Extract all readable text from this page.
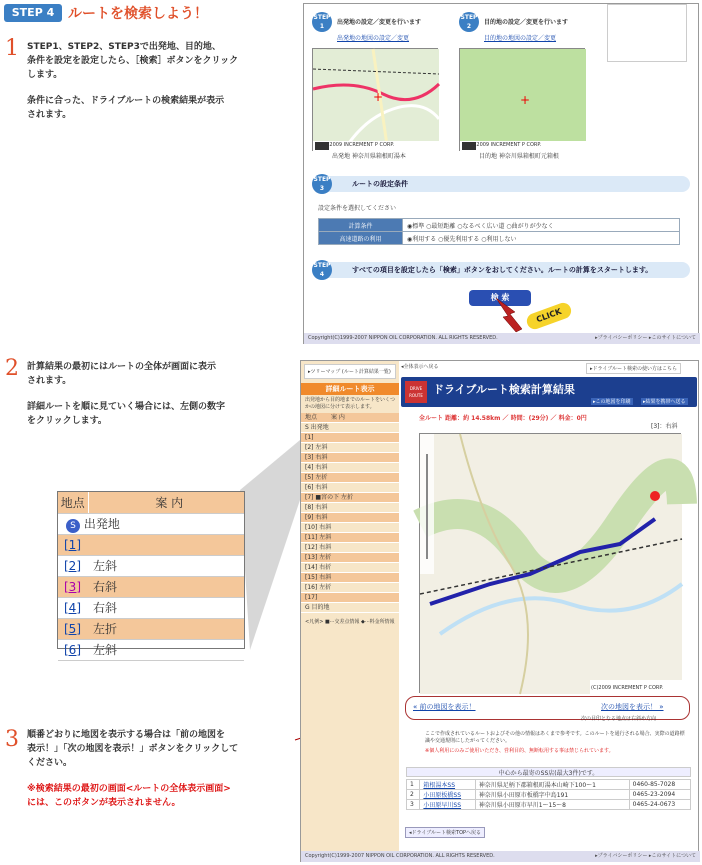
STEP 4 ルートを検索しよう！
1 STEP1、STEP2、STEP3で出発地、目的地、
条件を設定を設定したら、［検索］ボタンをクリック
します。
条件に合った、ドライブルートの検索結果が表示
されます。
STEP 1
出発地の設定／変更を行います
出発地の地図の設定／変更
STEP 2
目的地の設定／変更を行います
目的地の地図の設定／変更
+
(C)2009 INCREMENT P CORP.
出発地 神奈川県箱根町湯本
+
(C)2009 INCREMENT P CORP.
目的地 神奈川県箱根町元箱根
ルートの設定条件
STEP 3
設定条件を選択してください
計算条件	◉標準 ○最短距離 ○なるべく広い道 ○曲がりが少なく
高速道路の利用	◉利用する ○優先利用する ○利用しない
すべての項目を設定したら「検索」ボタンをおしてください。ルートの計算をスタートします。
STEP 4
検 索
CLICK
Copyright(C)1999-2007 NIPPON OIL CORPORATION. ALL RIGHTS RESERVED.	▸プライバシーポリシー ▸このサイトについて
2 計算結果の最初にはルートの全体が画面に表示
されます。
詳細ルートを順に見ていく場合には、左側の数字
をクリックします。
地点	案 内
S 出発地
[1]
[2]　 左斜
[3]　 右斜
[4]　 右斜
[5]　 左折
[6]　 左斜
3 順番どおりに地図を表示する場合は「前の地図を
表示！」「次の地図を表示！」ボタンをクリックして
ください。
※検索結果の最初の画面<ルートの全体表示画面>
には、このボタンが表示されません。
▸ツリーマップ (ルート計算結果一覧)
詳細ルート表示
出発地から目的地までのルートをいくつかの地図に分けて表示します。
地点	案 内
S 出発地
[1]
[2] 左斜
[3] 右斜
[4] 右斜
[5] 左折
[6] 右斜
[7] ■宮の下 左折
[8] 右斜
[9] 右斜
[10] 右斜
[11] 左斜
[12] 右斜
[13] 左折
[14] 右折
[15] 右斜
[16] 左折
[17]
G 目的地
<凡例> ■···交差点情報 ◆···料金所情報
◂全体表示へ戻る	▸ドライブルート検索の使い方はこちら
DRIVE ROUTE ドライブルート検索計算結果
▸この地図を印刷	▸結果を携帯へ送る
全ルート 距離：約 14.58km ／ 時間：(29分) ／ 料金：0円
[3]：右斜
(C)2009 INCREMENT P CORP.
« 前の地図を表示！	次の地図を表示！ »
次の目印となる地点は右斜め方向
ここで作成されているルートおよびその他の情報はあくまで参考です。このルートを通行される場合、実際の道路標識や交通規則にしたがってください。
※個人利用にのみご使用いただき、営利目的、無断転用する事は禁じられています。
中心から最寄のSS店(最大3件)です。
1	箱根湯本SS	神奈川県足柄下郡箱根町湯本山崎下100ー1	0460-85-7028
2	小田原板橋SS	神奈川県小田原市板橋字中島191	0465-23-2094
3	小田原早川SS	神奈川県小田原市早川1ー15ー8	0465-24-0673
◂ドライブルート検索TOPへ戻る
Copyright(C)1999-2007 NIPPON OIL CORPORATION. ALL RIGHTS RESERVED.	▸プライバシーポリシー ▸このサイトについて
